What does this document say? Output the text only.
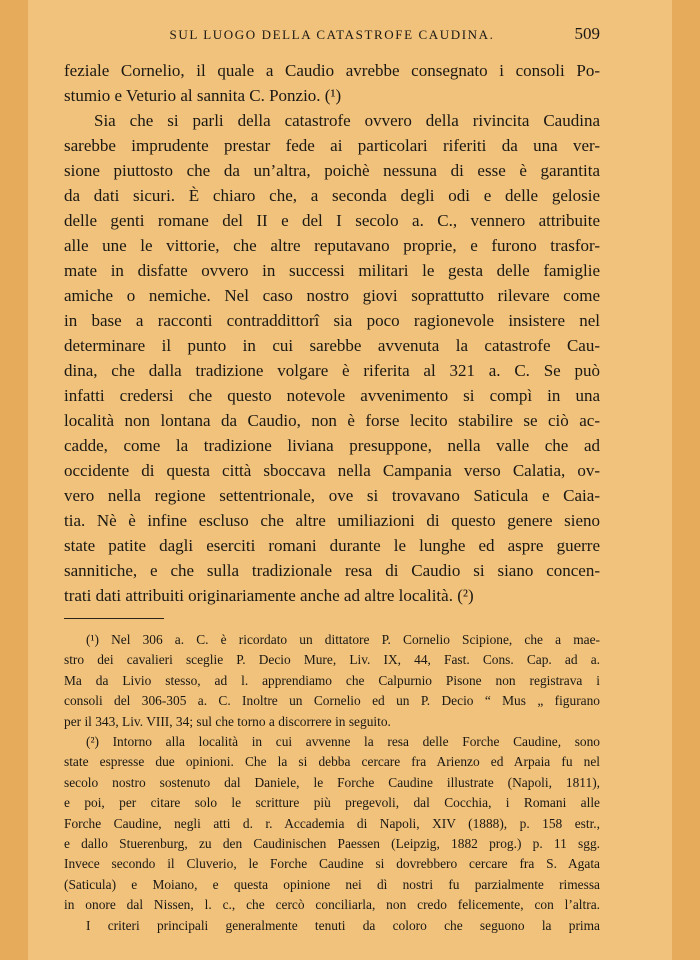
SUL LUOGO DELLA CATASTROFE CAUDINA.	509
feziale Cornelio, il quale a Caudio avrebbe consegnato i consoli Po-
stumio e Veturio al sannita C. Ponzio. (¹)
Sia che si parli della catastrofe ovvero della rivincita Caudina
sarebbe imprudente prestar fede ai particolari riferiti da una ver-
sione piuttosto che da un’altra, poichè nessuna di esse è garantita
da dati sicuri. È chiaro che, a seconda degli odi e delle gelosie
delle genti romane del II e del I secolo a. C., vennero attribuite
alle une le vittorie, che altre reputavano proprie, e furono trasfor-
mate in disfatte ovvero in successi militari le gesta delle famiglie
amiche o nemiche. Nel caso nostro giovi soprattutto rilevare come
in base a racconti contraddittorî sia poco ragionevole insistere nel
determinare il punto in cui sarebbe avvenuta la catastrofe Cau-
dina, che dalla tradizione volgare è riferita al 321 a. C. Se può
infatti credersi che questo notevole avvenimento si compì in una
località non lontana da Caudio, non è forse lecito stabilire se ciò ac-
cadde, come la tradizione liviana presuppone, nella valle che ad
occidente di questa città sboccava nella Campania verso Calatia, ov-
vero nella regione settentrionale, ove si trovavano Saticula e Caia-
tia. Nè è infine escluso che altre umiliazioni di questo genere sieno
state patite dagli eserciti romani durante le lunghe ed aspre guerre
sannitiche, e che sulla tradizionale resa di Caudio si siano concen-
trati dati attribuiti originariamente anche ad altre località. (²)
(¹) Nel 306 a. C. è ricordato un dittatore P. Cornelio Scipione, che a mae-
stro dei cavalieri sceglie P. Decio Mure, Liv. IX, 44, Fast. Cons. Cap. ad a.
Ma da Livio stesso, ad l. apprendiamo che Calpurnio Pisone non registrava i
consoli del 306-305 a. C. Inoltre un Cornelio ed un P. Decio “ Mus „ figurano
per il 343, Liv. VIII, 34; sul che torno a discorrere in seguito.
(²) Intorno alla località in cui avvenne la resa delle Forche Caudine, sono
state espresse due opinioni. Che la si debba cercare fra Arienzo ed Arpaia fu nel
secolo nostro sostenuto dal Daniele, le Forche Caudine illustrate (Napoli, 1811),
e poi, per citare solo le scritture più pregevoli, dal Cocchia, i Romani alle
Forche Caudine, negli atti d. r. Accademia di Napoli, XIV (1888), p. 158 estr.,
e dallo Stuerenburg, zu den Caudinischen Paessen (Leipzig, 1882 prog.) p. 11 sgg.
Invece secondo il Cluverio, le Forche Caudine si dovrebbero cercare fra S. Agata
(Saticula) e Moiano, e questa opinione nei dì nostri fu parzialmente rimessa
in onore dal Nissen, l. c., che cercò conciliarla, non credo felicemente, con l’altra.
I criteri principali generalmente tenuti da coloro che seguono la prima
